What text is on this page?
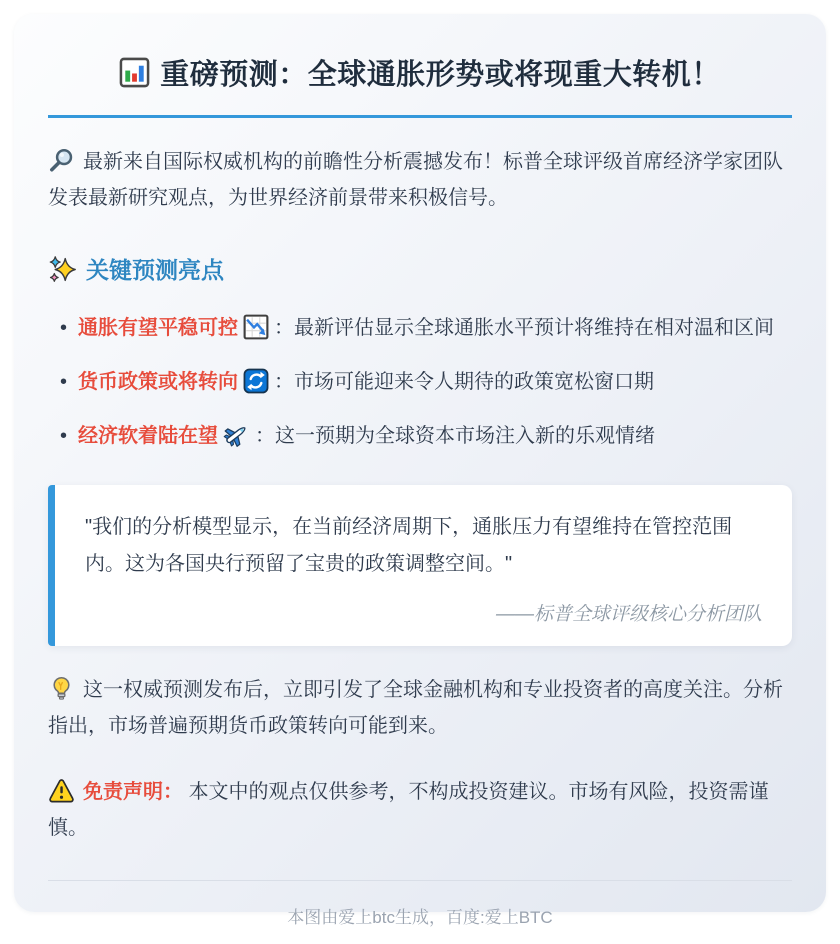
重磅预测：全球通胀形势或将现重大转机！

最新来自国际权威机构的前瞻性分析震撼发布！标普全球评级首席经济学家团队发表最新研究观点，为世界经济前景带来积极信号。

关键预测亮点
• 通胀有望平稳可控 ：最新评估显示全球通胀水平预计将维持在相对温和区间
• 货币政策或将转向 ：市场可能迎来令人期待的政策宽松窗口期
• 经济软着陆在望 ：这一预期为全球资本市场注入新的乐观情绪

"我们的分析模型显示，在当前经济周期下，通胀压力有望维持在管控范围内。这为各国央行预留了宝贵的政策调整空间。"

——标普全球评级核心分析团队

这一权威预测发布后，立即引发了全球金融机构和专业投资者的高度关注。分析指出，市场普遍预期货币政策转向可能到来。

免责声明： 本文中的观点仅供参考，不构成投资建议。市场有风险，投资需谨慎。

本图由爱上btc生成，百度:爱上BTC
